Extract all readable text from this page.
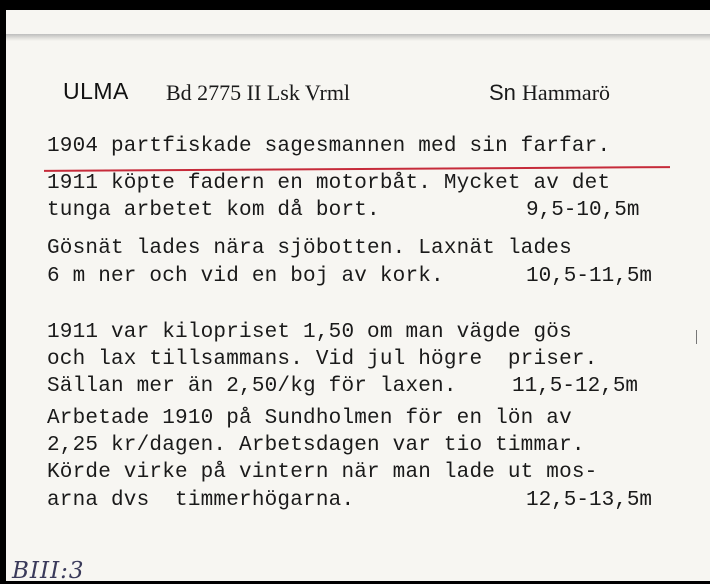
ULMA Bd 2775 II Lsk Vrml	Sn Hammarö
1904 partfiskade sagesmannen med sin farfar.
1911 köpte fadern en motorbåt. Mycket av det
tunga arbetet kom då bort.	9,5-10,5m
Gösnät lades nära sjöbotten. Laxnät lades
6 m ner och vid en boj av kork.	10,5-11,5m
1911 var kilopriset 1,50 om man vägde gös
och lax tillsammans. Vid jul högre  priser.
Sällan mer än 2,50/kg för laxen.	11,5-12,5m
Arbetade 1910 på Sundholmen för en lön av
2,25 kr/dagen. Arbetsdagen var tio timmar.
Körde virke på vintern när man lade ut mos-
arna dvs  timmerhögarna.	12,5-13,5m
BIII:3
